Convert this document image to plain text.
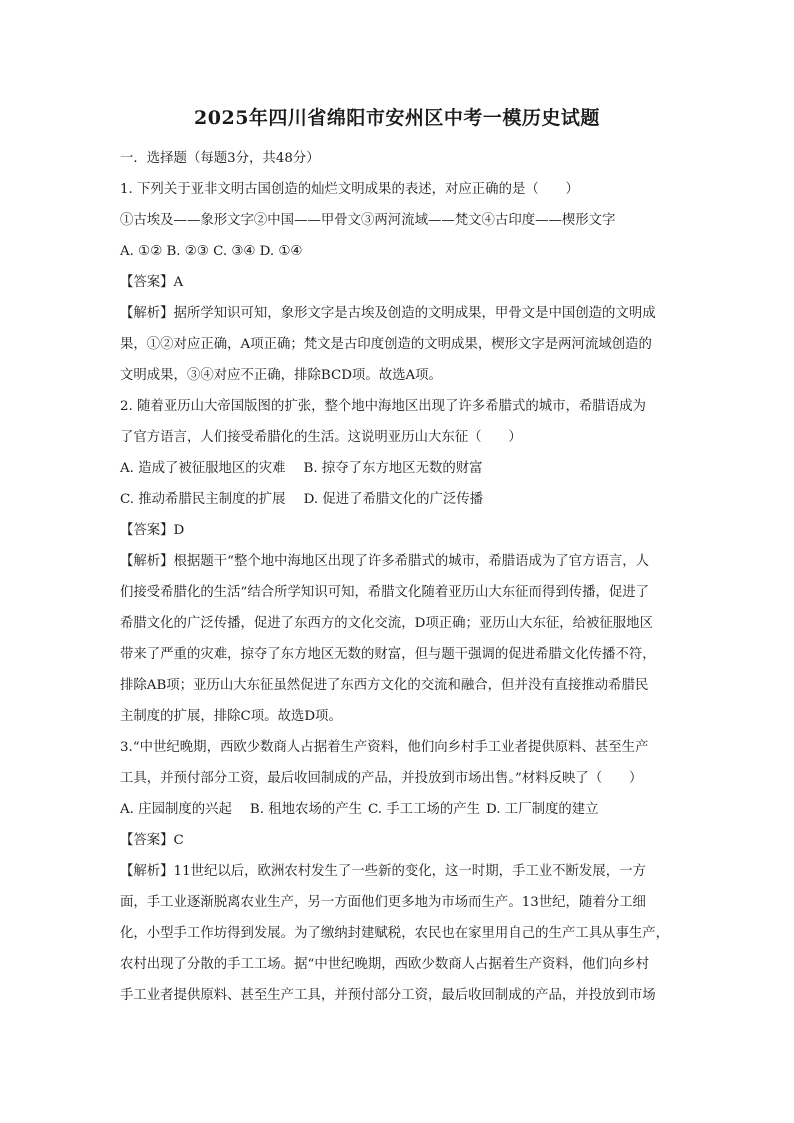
2025年四川省绵阳市安州区中考一模历史试题
一．选择题（每题3分，共48分）
1. 下列关于亚非文明古国创造的灿烂文明成果的表述，对应正确的是（　　）
①古埃及——象形文字②中国——甲骨文③两河流域——梵文④古印度——楔形文字
A. ①② B. ②③ C. ③④ D. ①④
【答案】A
【解析】据所学知识可知，象形文字是古埃及创造的文明成果，甲骨文是中国创造的文明成
果，①②对应正确，A项正确；梵文是古印度创造的文明成果，楔形文字是两河流域创造的
文明成果，③④对应不正确，排除BCD项。故选A项。
2. 随着亚历山大帝国版图的扩张，整个地中海地区出现了许多希腊式的城市，希腊语成为
了官方语言，人们接受希腊化的生活。这说明亚历山大东征（　　）
A. 造成了被征服地区的灾难 B. 掠夺了东方地区无数的财富
C. 推动希腊民主制度的扩展 D. 促进了希腊文化的广泛传播
【答案】D
【解析】根据题干“整个地中海地区出现了许多希腊式的城市，希腊语成为了官方语言，人
们接受希腊化的生活”结合所学知识可知，希腊文化随着亚历山大东征而得到传播，促进了
希腊文化的广泛传播，促进了东西方的文化交流，D项正确；亚历山大东征，给被征服地区
带来了严重的灾难，掠夺了东方地区无数的财富，但与题干强调的促进希腊文化传播不符，
排除AB项；亚历山大东征虽然促进了东西方文化的交流和融合，但并没有直接推动希腊民
主制度的扩展，排除C项。故选D项。
3.“中世纪晚期，西欧少数商人占据着生产资料，他们向乡村手工业者提供原料、甚至生产
工具，并预付部分工资，最后收回制成的产品，并投放到市场出售。”材料反映了（　　）
A. 庄园制度的兴起 B. 租地农场的产生 C. 手工工场的产生 D. 工厂制度的建立
【答案】C
【解析】11世纪以后，欧洲农村发生了一些新的变化，这一时期，手工业不断发展，一方
面，手工业逐渐脱离农业生产，另一方面他们更多地为市场而生产。13世纪，随着分工细
化，小型手工作坊得到发展。为了缴纳封建赋税，农民也在家里用自己的生产工具从事生产，
农村出现了分散的手工工场。据“中世纪晚期，西欧少数商人占据着生产资料，他们向乡村
手工业者提供原料、甚至生产工具，并预付部分工资，最后收回制成的产品，并投放到市场
